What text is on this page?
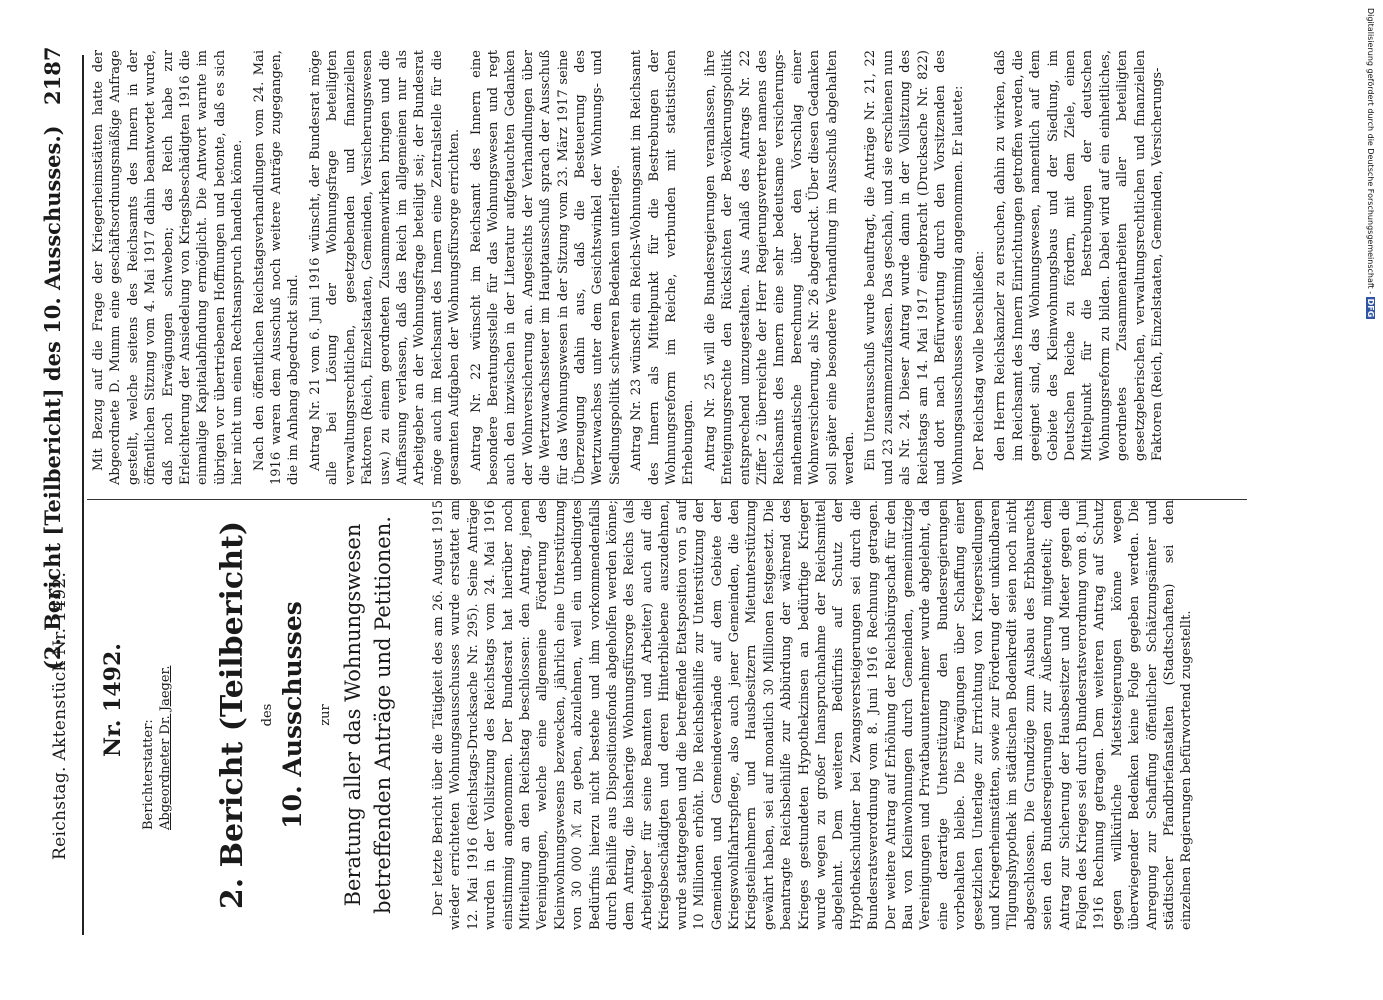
Reichstag. Aktenstück Nr. 1492.
(2. Bericht [Teilbericht] des 10. Ausschusses.)
2187
Nr. 1492.
Berichterstatter: Abgeordneter Dr. Jaeger. 2. Bericht (Teilbericht) des 10. Ausschusses zur Beratung aller das Wohnungswesen betreffenden Anträge und Petitionen.	Der letzte Bericht über die Tätigkeit des am 26. August 1915 wieder errichteten Wohnungsausschusses wurde erstattet am 12. Mai 1916 (Reichstags-Drucksache Nr. 295). Seine Anträge wurden in der Vollsitzung des Reichstags vom 24. Mai 1916 einstimmig angenommen. Der Bundesrat hat hierüber noch Mitteilung an den Reichstag beschlossen: den Antrag, jenen Vereinigungen, welche eine allgemeine Förderung des Kleinwohnungswesens bezwecken, jährlich eine Unterstützung von 30 000 ℳ zu geben, abzulehnen, weil ein unbedingtes Bedürfnis hierzu nicht bestehe und ihm vorkommendenfalls durch Beihilfe aus Dispositionsfonds abgeholfen werden könne; dem Antrag, die bisherige Wohnungsfürsorge des Reichs (als Arbeitgeber für seine Beamten und Arbeiter) auch auf die Kriegsbeschädigten und deren Hinterbliebene auszudehnen, wurde stattgegeben und die betreffende Etatsposition von 5 auf 10 Millionen erhöht. Die Reichsbeihilfe zur Unterstützung der Gemeinden und Gemeindeverbände auf dem Gebiete der Kriegswohlfahrtspflege, also auch jener Gemeinden, die den Kriegsteilnehmern und Hausbesitzern Mietunterstützung gewährt haben, sei auf monatlich 30 Millionen festgesetzt. Die beantragte Reichsbeihilfe zur Abbürdung der während des Krieges gestundeten Hypothekzinsen an bedürftige Krieger wurde wegen zu großer Inanspruchnahme der Reichsmittel abgelehnt. Dem weiteren Bedürfnis auf Schutz der Hypothekschuldner bei Zwangsversteigerungen sei durch die Bundesratsverordnung vom 8. Juni 1916 Rechnung getragen. Der weitere Antrag auf Erhöhung der Reichsbürgschaft für den Bau von Kleinwohnungen durch Gemeinden, gemeinnützige Vereinigungen und Privatbauunternehmer wurde abgelehnt, da eine derartige Unterstützung den Bundesregierungen vorbehalten bleibe. Die Erwägungen über Schaffung einer gesetzlichen Unterlage zur Errichtung von Kriegersiedlungen und Kriegerheimstätten, sowie zur Förderung der unkündbaren Tilgungshypothek im städtischen Bodenkredit seien noch nicht abgeschlossen. Die Grundzüge zum Ausbau des Erbbaurechts seien den Bundesregierungen zur Äußerung mitgeteilt; dem Antrag zur Sicherung der Hausbesitzer und Mieter gegen die Folgen des Krieges sei durch Bundesratsverordnung vom 8. Juni 1916 Rechnung getragen. Dem weiteren Antrag auf Schutz gegen willkürliche Mietsteigerungen könne wegen überwiegender Bedenken keine Folge gegeben werden. Die Anregung zur Schaffung öffentlicher Schätzungsämter und städtischer Pfandbriefanstalten (Stadtschaften) sei den einzelnen Regierungen befürwortend zugestellt.

Mit Bezug auf die Frage der Kriegerheimstätten hatte der Abgeordnete D. Mumm eine geschäftsordnungsmäßige Anfrage gestellt, welche seitens des Reichsamts des Innern in der öffentlichen Sitzung vom 4. Mai 1917 dahin beantwortet wurde, daß noch Erwägungen schweben; das Reich habe zur Erleichterung der Ansiedelung von Kriegsbeschädigten 1916 die einmalige Kapitalabfindung ermöglicht. Die Antwort warnte im übrigen vor übertriebenen Hoffnungen und betonte, daß es sich hier nicht um einen Rechtsanspruch handeln könne. Nach den öffentlichen Reichstagsverhandlungen vom 24. Mai 1916 waren dem Ausschuß noch weitere Anträge zugegangen, die im Anhang abgedruckt sind. Antrag Nr. 21 vom 6. Juni 1916 wünscht, der Bundesrat möge alle bei Lösung der Wohnungsfrage beteiligten verwaltungsrechtlichen, gesetzgebenden und finanziellen Faktoren (Reich, Einzelstaaten, Gemeinden, Versicherungswesen usw.) zu einem geordneten Zusammenwirken bringen und die Auffassung verlassen, daß das Reich im allgemeinen nur als Arbeitgeber an der Wohnungsfrage beteiligt sei; der Bundesrat möge auch im Reichsamt des Innern eine Zentralstelle für die gesamten Aufgaben der Wohnungsfürsorge errichten. Antrag Nr. 22 wünscht im Reichsamt des Innern eine besondere Beratungsstelle für das Wohnungswesen und regt auch den inzwischen in der Literatur aufgetauchten Gedanken der Wohnversicherung an. Angesichts der Verhandlungen über die Wertzuwachssteuer im Hauptausschuß sprach der Ausschuß für das Wohnungswesen in der Sitzung vom 23. März 1917 seine Überzeugung dahin aus, daß die Besteuerung des Wertzuwachses unter dem Gesichtswinkel der Wohnungs- und Siedlungspolitik schweren Bedenken unterliege. Antrag Nr. 23 wünscht ein Reichs-Wohnungsamt im Reichsamt des Innern als Mittelpunkt für die Bestrebungen der Wohnungsreform im Reiche, verbunden mit statistischen Erhebungen. Antrag Nr. 25 will die Bundesregierungen veranlassen, ihre Enteignungsrechte den Rücksichten der Bevölkerungspolitik entsprechend umzugestalten. Aus Anlaß des Antrags Nr. 22 Ziffer 2 überreichte der Herr Regierungsvertreter namens des Reichsamts des Innern eine sehr bedeutsame versicherungs-mathematische Berechnung über den Vorschlag einer Wohnversicherung, als Nr. 26 abgedruckt. Über diesen Gedanken soll später eine besondere Verhandlung im Ausschuß abgehalten werden. Ein Unterausschuß wurde beauftragt, die Anträge Nr. 21, 22 und 23 zusammenzufassen. Das geschah, und sie erschienen nun als Nr. 24. Dieser Antrag wurde dann in der Vollsitzung des Reichstags am 14. Mai 1917 eingebracht (Drucksache Nr. 822) und dort nach Befürwortung durch den Vorsitzenden des Wohnungsausschusses einstimmig angenommen. Er lautete: Der Reichstag wolle beschließen: den Herrn Reichskanzler zu ersuchen, dahin zu wirken, daß im Reichsamt des Innern Einrichtungen getroffen werden, die geeignet sind, das Wohnungswesen, namentlich auf dem Gebiete des Kleinwohnungsbaus und der Siedlung, im Deutschen Reiche zu fördern, mit dem Ziele, einen Mittelpunkt für die Bestrebungen der deutschen Wohnungsreform zu bilden. Dabei wird auf ein einheitliches, geordnetes Zusammenarbeiten aller beteiligten gesetzgeberischen, verwaltungsrechtlichen und finanziellen Faktoren (Reich, Einzelstaaten, Gemeinden, Versicherungs-	Digitalisierung gefördert durch die Deutsche Forschungsgemeinschaft - DFG
